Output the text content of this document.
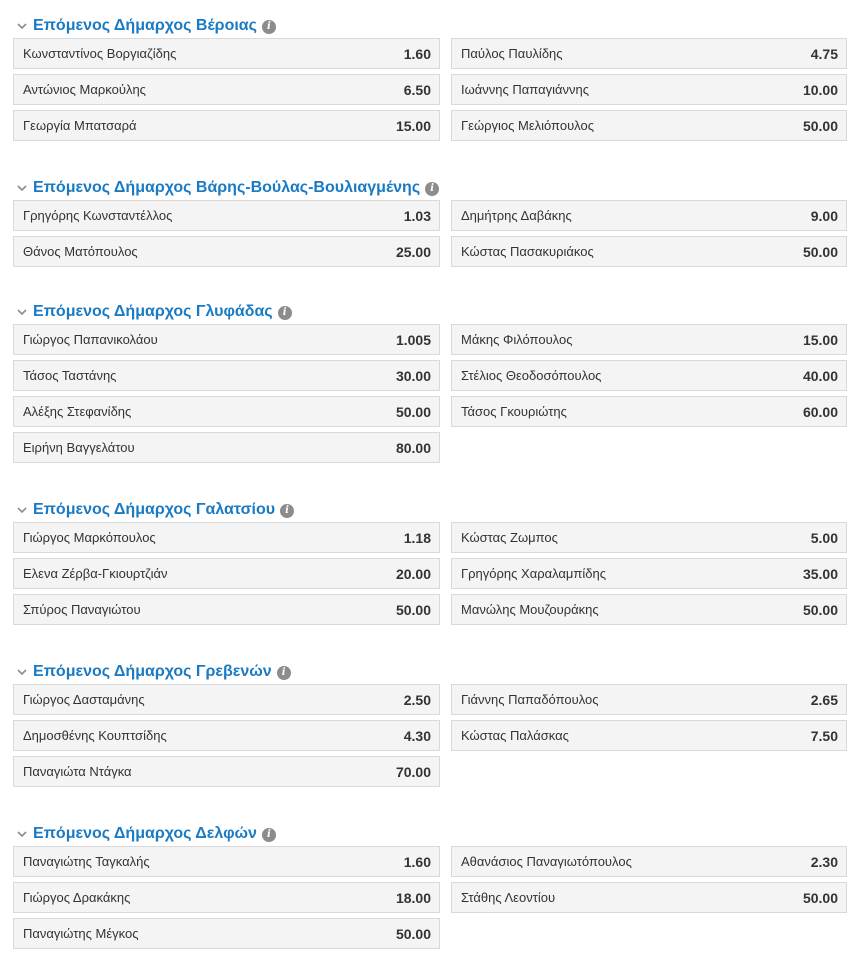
Επόμενος Δήμαρχος Βέροιας	i
Κωνσταντίνος Βοργιαζίδης	1.60 Παύλος Παυλίδης	4.75
Αντώνιος Μαρκούλης	6.50 Ιωάννης Παπαγιάννης	10.00
Γεωργία Μπατσαρά	15.00 Γεώργιος Μελιόπουλος	50.00
Επόμενος Δήμαρχος Βάρης-Βούλας-Βουλιαγμένης	i
Γρηγόρης Κωνσταντέλλος	1.03 Δημήτρης Δαβάκης	9.00
Θάνος Ματόπουλος	25.00 Κώστας Πασακυριάκος	50.00
Επόμενος Δήμαρχος Γλυφάδας	i
Γιώργος Παπανικολάου	1.005 Μάκης Φιλόπουλος	15.00
Τάσος Ταστάνης	30.00 Στέλιος Θεοδοσόπουλος	40.00
Αλέξης Στεφανίδης	50.00 Τάσος Γκουριώτης	60.00
Ειρήνη Βαγγελάτου	80.00
Επόμενος Δήμαρχος Γαλατσίου	i
Γιώργος Μαρκόπουλος	1.18 Κώστας Ζωμπος	5.00
Ελενα Ζέρβα-Γκιουρτζιάν	20.00 Γρηγόρης Χαραλαμπίδης	35.00
Σπύρος Παναγιώτου	50.00 Μανώλης Μουζουράκης	50.00
Επόμενος Δήμαρχος Γρεβενών	i
Γιώργος Δασταμάνης	2.50 Γιάννης Παπαδόπουλος	2.65
Δημοσθένης Κουπτσίδης	4.30 Κώστας Παλάσκας	7.50
Παναγιώτα Ντάγκα	70.00
Επόμενος Δήμαρχος Δελφών	i
Παναγιώτης Ταγκαλής	1.60 Αθανάσιος Παναγιωτόπουλος	2.30
Γιώργος Δρακάκης	18.00 Στάθης Λεοντίου	50.00
Παναγιώτης Μέγκος	50.00
